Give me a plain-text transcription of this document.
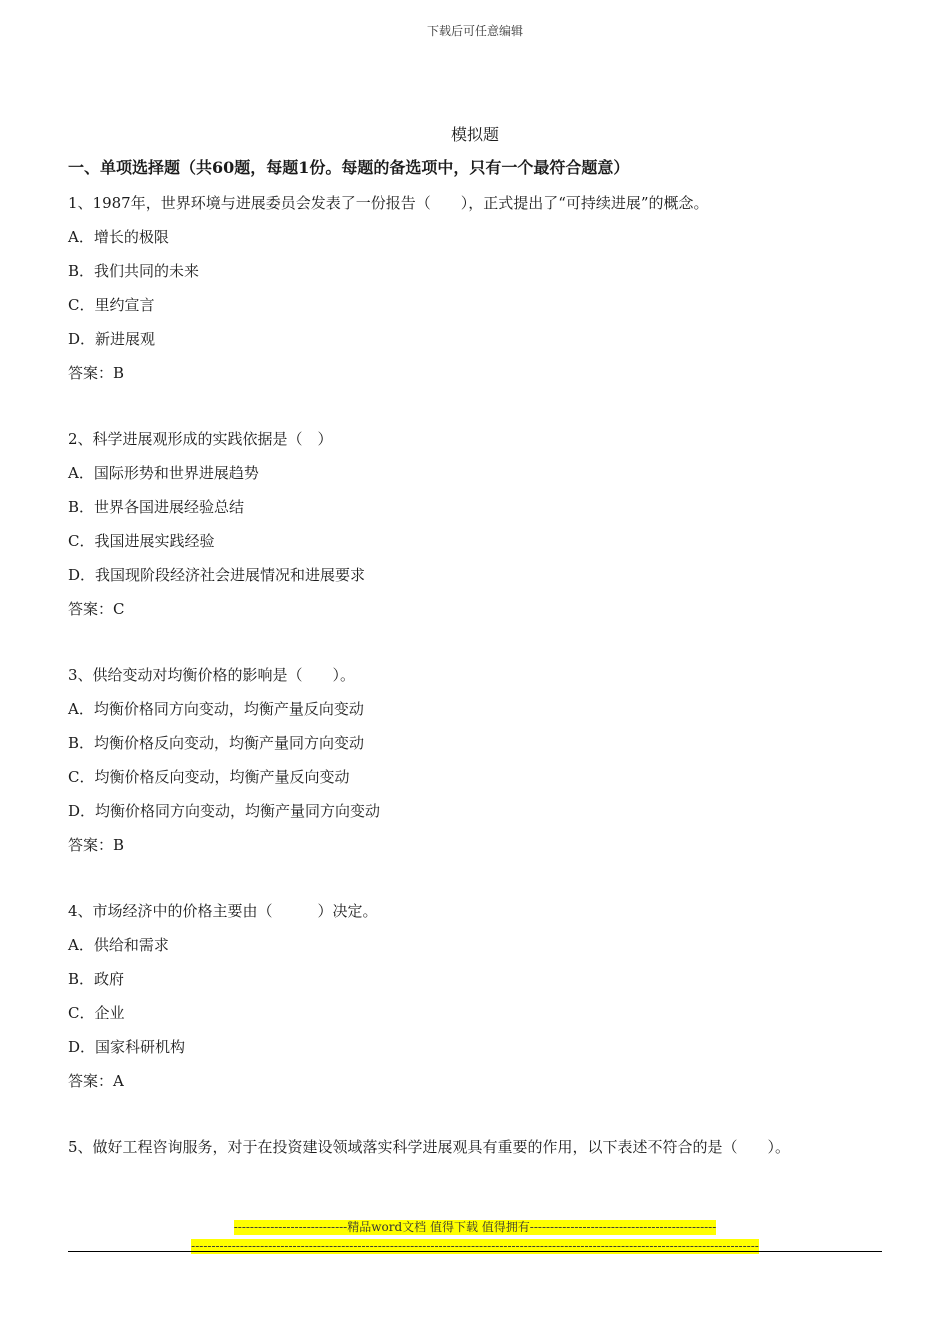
下载后可任意编辑
模拟题
一、单项选择题（共60题，每题1份。每题的备选项中，只有一个最符合题意）
1、1987年，世界环境与进展委员会发表了一份报告（　　），正式提出了“可持续进展”的概念。
A．增长的极限
B．我们共同的未来
C．里约宣言
D．新进展观
答案：B
2、科学进展观形成的实践依据是（　）
A．国际形势和世界进展趋势
B．世界各国进展经验总结
C．我国进展实践经验
D．我国现阶段经济社会进展情况和进展要求
答案：C
3、供给变动对均衡价格的影响是（　　）。
A．均衡价格同方向变动，均衡产量反向变动
B．均衡价格反向变动，均衡产量同方向变动
C．均衡价格反向变动，均衡产量反向变动
D．均衡价格同方向变动，均衡产量同方向变动
答案：B
4、市场经济中的价格主要由（　　　）决定。
A．供给和需求
B．政府
C．企业
D．国家科研机构
答案：A
5、做好工程咨询服务，对于在投资建设领域落实科学进展观具有重要的作用，以下表述不符合的是（　　）。
----------------------------精品word文档 值得下载 值得拥有----------------------------------------------
--------------------------------------------------------------------------------------------------------------------------------------------
